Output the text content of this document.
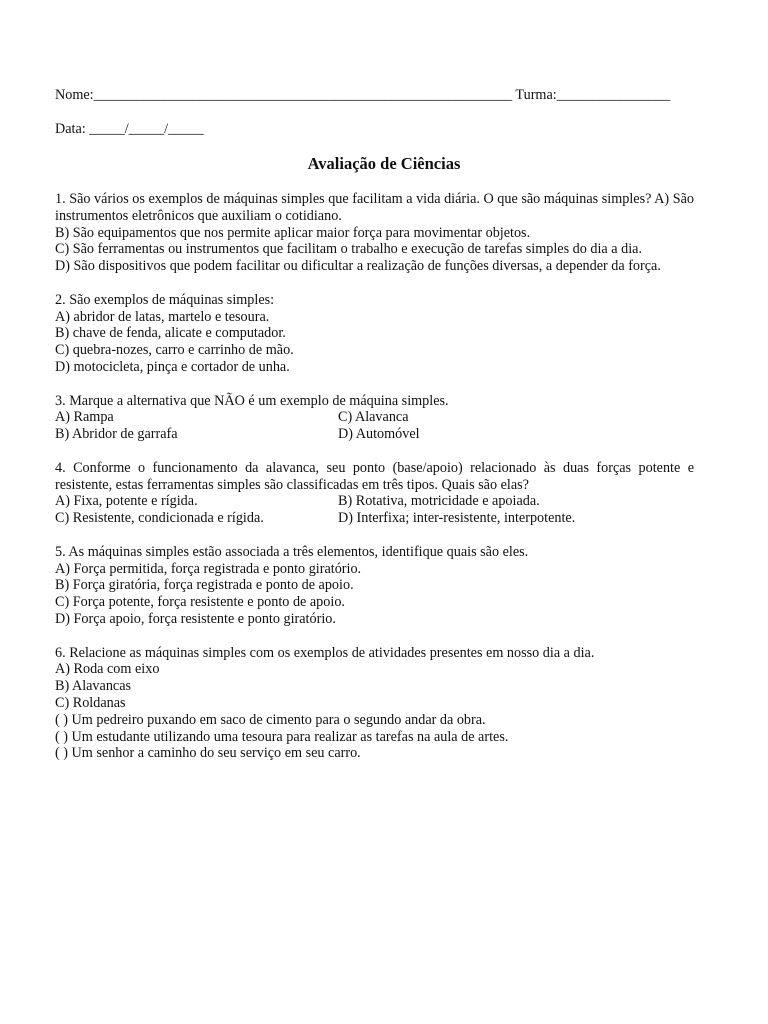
Nome:___________________________________________________________ Turma:________________
Data: _____/_____/_____
Avaliação de Ciências
1. São vários os exemplos de máquinas simples que facilitam a vida diária. O que são máquinas simples? A) São instrumentos eletrônicos que auxiliam o cotidiano.
B) São equipamentos que nos permite aplicar maior força para movimentar objetos.
C) São ferramentas ou instrumentos que facilitam o trabalho e execução de tarefas simples do dia a dia.
D) São dispositivos que podem facilitar ou dificultar a realização de funções diversas, a depender da força.
2. São exemplos de máquinas simples:
A) abridor de latas, martelo e tesoura.
B) chave de fenda, alicate e computador.
C) quebra-nozes, carro e carrinho de mão.
D) motocicleta, pinça e cortador de unha.
3. Marque a alternativa que NÃO é um exemplo de máquina simples.
A) Rampa	C) Alavanca
B) Abridor de garrafa	D) Automóvel
4. Conforme o funcionamento da alavanca, seu ponto (base/apoio) relacionado às duas forças potente e resistente, estas ferramentas simples são classificadas em três tipos. Quais são elas?
A) Fixa, potente e rígida.	B) Rotativa, motricidade e apoiada.
C) Resistente, condicionada e rígida.	D) Interfixa; inter-resistente, interpotente.
5. As máquinas simples estão associada a três elementos, identifique quais são eles.
A) Força permitida, força registrada e ponto giratório.
B) Força giratória, força registrada e ponto de apoio.
C) Força potente, força resistente e ponto de apoio.
D) Força apoio, força resistente e ponto giratório.
6. Relacione as máquinas simples com os exemplos de atividades presentes em nosso dia a dia.
A) Roda com eixo
B) Alavancas
C) Roldanas
( ) Um pedreiro puxando em saco de cimento para o segundo andar da obra.
( ) Um estudante utilizando uma tesoura para realizar as tarefas na aula de artes.
( ) Um senhor a caminho do seu serviço em seu carro.
